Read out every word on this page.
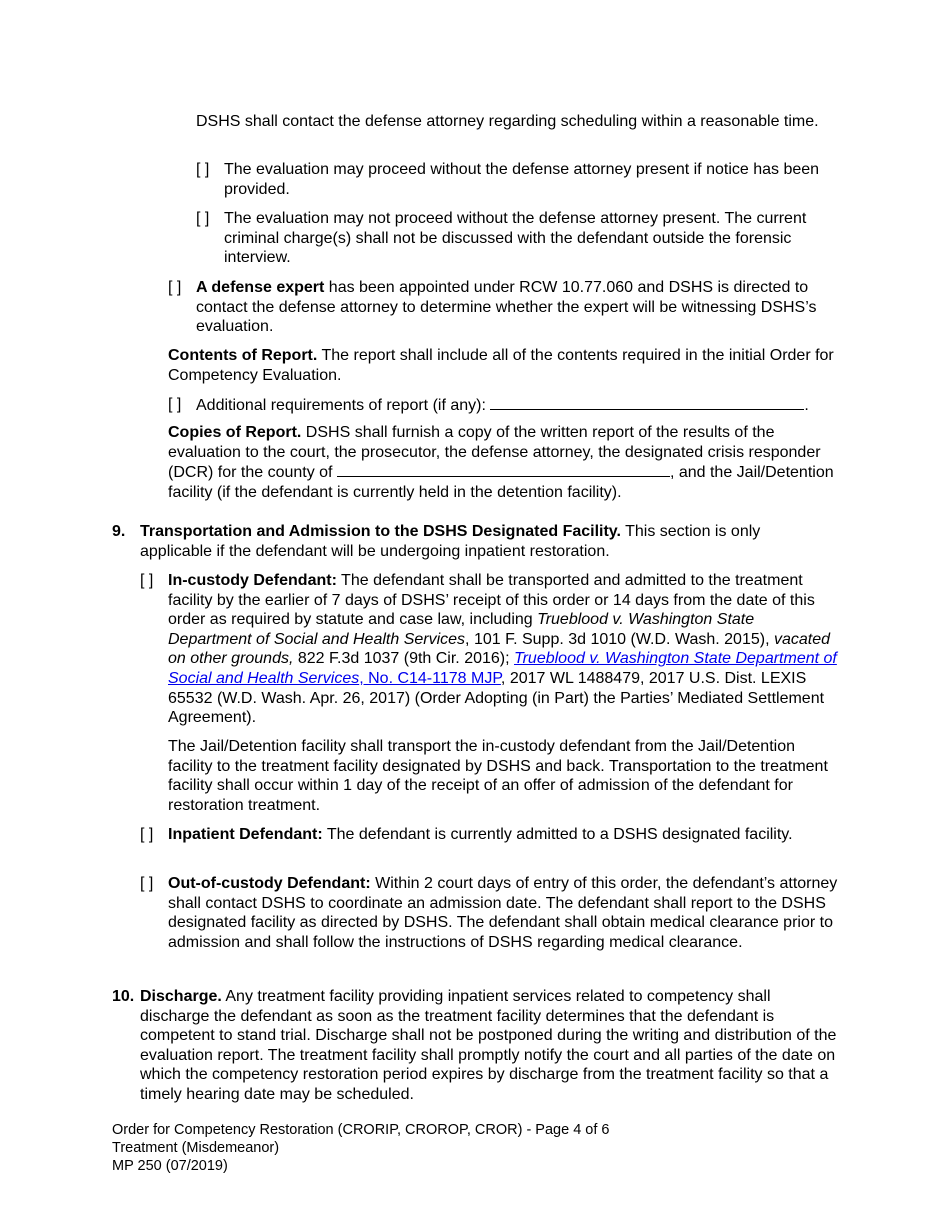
DSHS shall contact the defense attorney regarding scheduling within a reasonable time.

[ ] The evaluation may proceed without the defense attorney present if notice has been provided.

[ ] The evaluation may not proceed without the defense attorney present. The current criminal charge(s) shall not be discussed with the defendant outside the forensic interview.

[ ] A defense expert has been appointed under RCW 10.77.060 and DSHS is directed to contact the defense attorney to determine whether the expert will be witnessing DSHS’s evaluation.

Contents of Report. The report shall include all of the contents required in the initial Order for Competency Evaluation.

[ ] Additional requirements of report (if any):	.

Copies of Report. DSHS shall furnish a copy of the written report of the results of the evaluation to the court, the prosecutor, the defense attorney, the designated crisis responder (DCR) for the county of	, and the Jail/Detention facility (if the defendant is currently held in the detention facility).

9. Transportation and Admission to the DSHS Designated Facility. This section is only applicable if the defendant will be undergoing inpatient restoration.

[ ] In-custody Defendant: The defendant shall be transported and admitted to the treatment facility by the earlier of 7 days of DSHS’ receipt of this order or 14 days from the date of this order as required by statute and case law, including Trueblood v. Washington State Department of Social and Health Services, 101 F. Supp. 3d 1010 (W.D. Wash. 2015), vacated on other grounds, 822 F.3d 1037 (9th Cir. 2016); Trueblood v. Washington State Department of Social and Health Services, No. C14-1178 MJP, 2017 WL 1488479, 2017 U.S. Dist. LEXIS 65532 (W.D. Wash. Apr. 26, 2017) (Order Adopting (in Part) the Parties’ Mediated Settlement Agreement).

The Jail/Detention facility shall transport the in-custody defendant from the Jail/Detention facility to the treatment facility designated by DSHS and back. Transportation to the treatment facility shall occur within 1 day of the receipt of an offer of admission of the defendant for restoration treatment.

[ ] Inpatient Defendant: The defendant is currently admitted to a DSHS designated facility.

[ ] Out-of-custody Defendant: Within 2 court days of entry of this order, the defendant’s attorney shall contact DSHS to coordinate an admission date. The defendant shall report to the DSHS designated facility as directed by DSHS. The defendant shall obtain medical clearance prior to admission and shall follow the instructions of DSHS regarding medical clearance.

10. Discharge. Any treatment facility providing inpatient services related to competency shall discharge the defendant as soon as the treatment facility determines that the defendant is competent to stand trial. Discharge shall not be postponed during the writing and distribution of the evaluation report. The treatment facility shall promptly notify the court and all parties of the date on which the competency restoration period expires by discharge from the treatment facility so that a timely hearing date may be scheduled.

Order for Competency Restoration (CRORIP, CROROP, CROR) - Page 4 of 6
Treatment (Misdemeanor)
MP 250 (07/2019)
